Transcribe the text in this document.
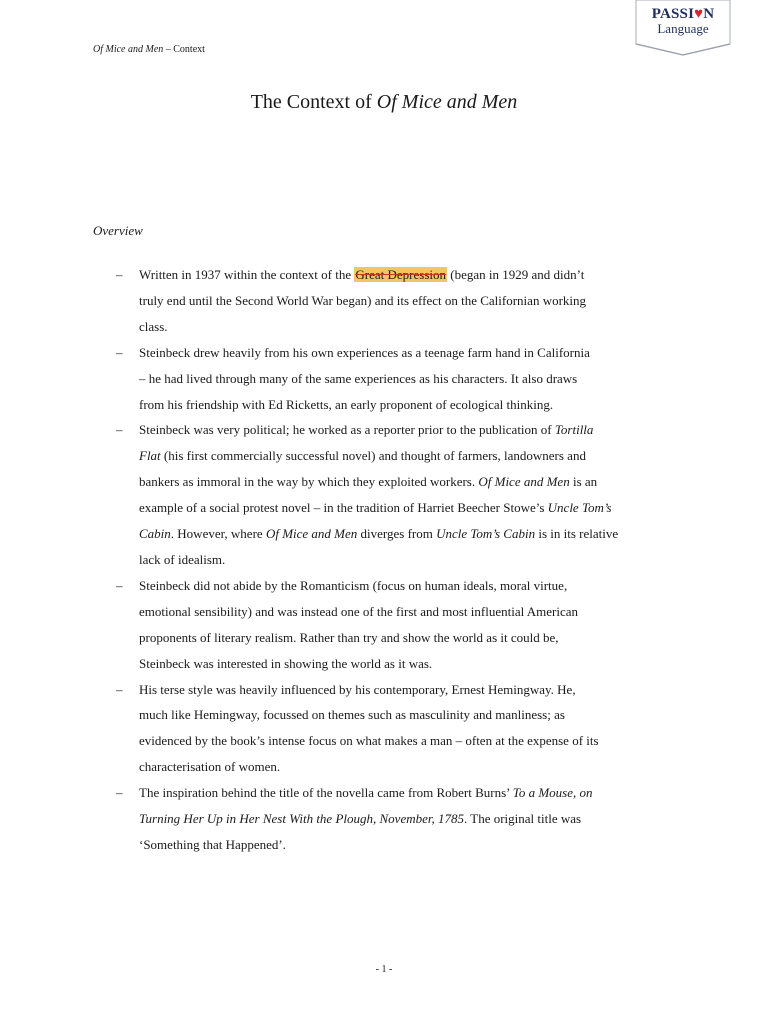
Of Mice and Men – Context
PASSI♥N
Language
The Context of Of Mice and Men
Overview
– Written in 1937 within the context of the Great Depression (began in 1929 and didn’t
truly end until the Second World War began) and its effect on the Californian working
class.
– Steinbeck drew heavily from his own experiences as a teenage farm hand in California
– he had lived through many of the same experiences as his characters. It also draws
from his friendship with Ed Ricketts, an early proponent of ecological thinking.
– Steinbeck was very political; he worked as a reporter prior to the publication of Tortilla
Flat (his first commercially successful novel) and thought of farmers, landowners and
bankers as immoral in the way by which they exploited workers. Of Mice and Men is an
example of a social protest novel – in the tradition of Harriet Beecher Stowe’s Uncle Tom’s
Cabin. However, where Of Mice and Men diverges from Uncle Tom’s Cabin is in its relative
lack of idealism.
– Steinbeck did not abide by the Romanticism (focus on human ideals, moral virtue,
emotional sensibility) and was instead one of the first and most influential American
proponents of literary realism. Rather than try and show the world as it could be,
Steinbeck was interested in showing the world as it was.
– His terse style was heavily influenced by his contemporary, Ernest Hemingway. He,
much like Hemingway, focussed on themes such as masculinity and manliness; as
evidenced by the book’s intense focus on what makes a man – often at the expense of its
characterisation of women.
– The inspiration behind the title of the novella came from Robert Burns’ To a Mouse, on
Turning Her Up in Her Nest With the Plough, November, 1785. The original title was
‘Something that Happened’.
- 1 -
